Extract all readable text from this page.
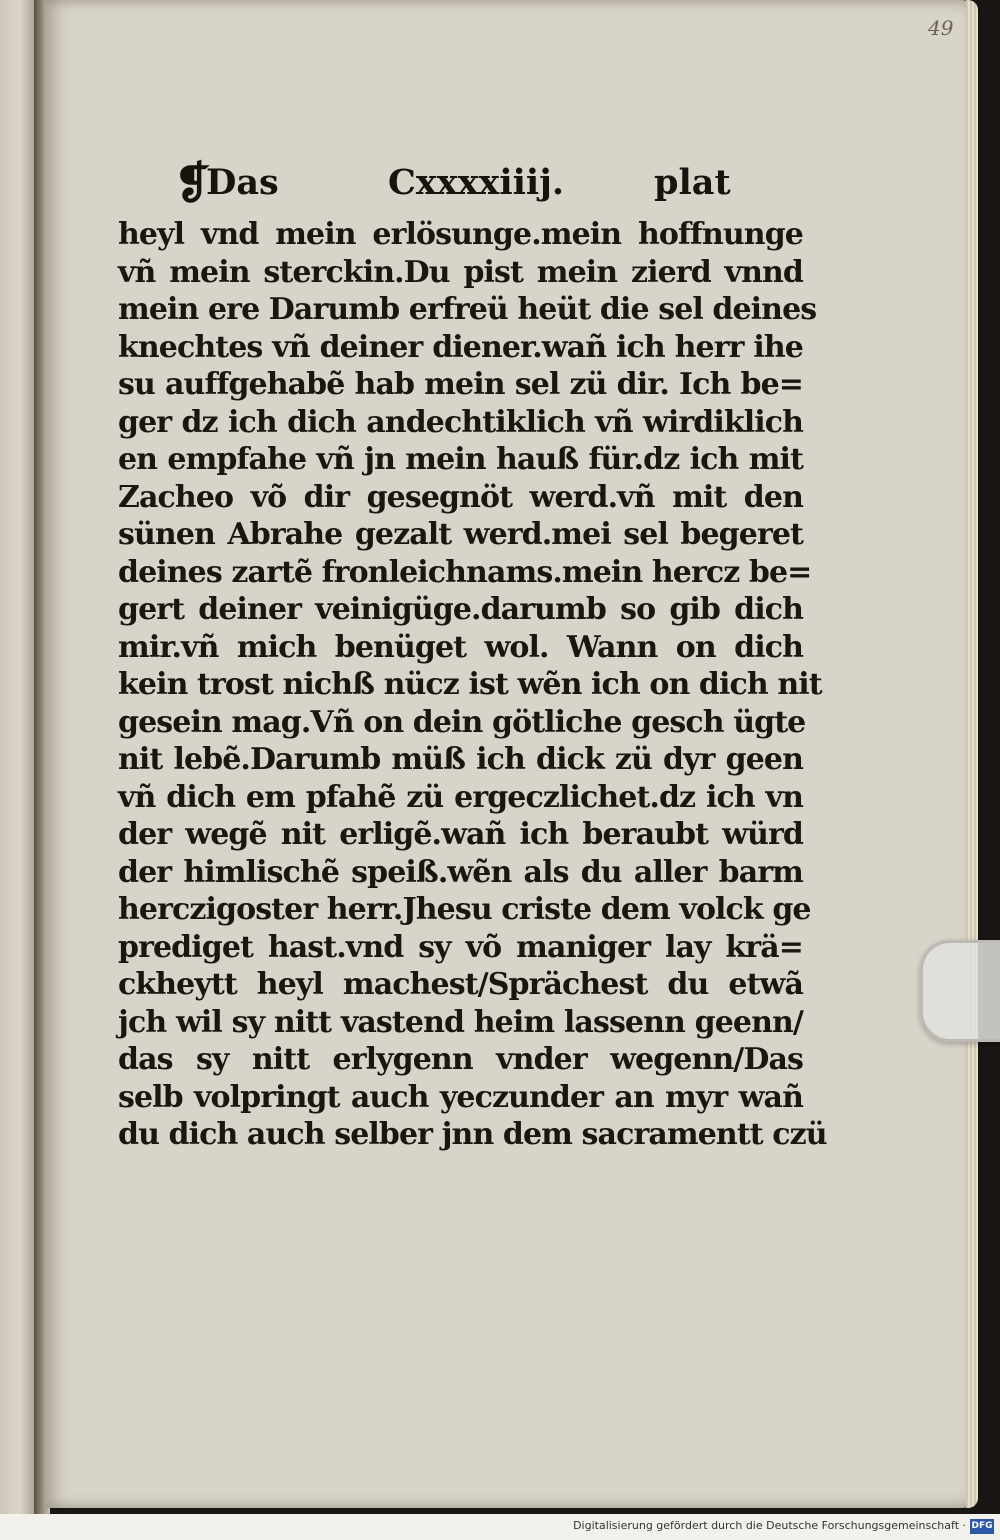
49
❡
Das	Cxxxxiiij.	plat
heyl vnd mein erlösunge.mein hoffnunge
vñ mein sterckin.Du pist mein zierd vnnd
mein ere Darumb erfreü heüt die sel deines
knechtes vñ deiner diener.wañ ich herr ihe
su auffgehabẽ hab mein sel zü dir. Ich be=
ger dz ich dich andechtiklich vñ wirdiklich
en empfahe vñ jn mein hauß für.dz ich mit
Zacheo võ dir gesegnöt werd.vñ mit den
sünen Abrahe gezalt werd.mei sel begeret
deines zartẽ fronleichnams.mein hercz be=
gert deiner veinigüge.darumb so gib dich
mir.vñ mich benüget wol. Wann on dich
kein trost nichß nücz ist wẽn ich on dich nit
gesein mag.Vñ on dein götliche gesch ügte
nit lebẽ.Darumb müß ich dick zü dyr geen
vñ dich em pfahẽ zü ergeczlichet.dz ich vn
der wegẽ nit erligẽ.wañ ich beraubt würd
der himlischẽ speiß.wẽn als du aller barm
herczigoster herr.Jhesu criste dem volck ge
prediget hast.vnd sy võ maniger lay krä=
ckheytt heyl machest/Sprächest du etwã
jch wil sy nitt vastend heim lassenn geenn/
das sy nitt erlygenn vnder wegenn/Das
selb volpringt auch yeczunder an myr wañ
du dich auch selber jnn dem sacramentt czü
Digitalisierung gefördert durch die Deutsche Forschungsgemeinschaft · DFG
